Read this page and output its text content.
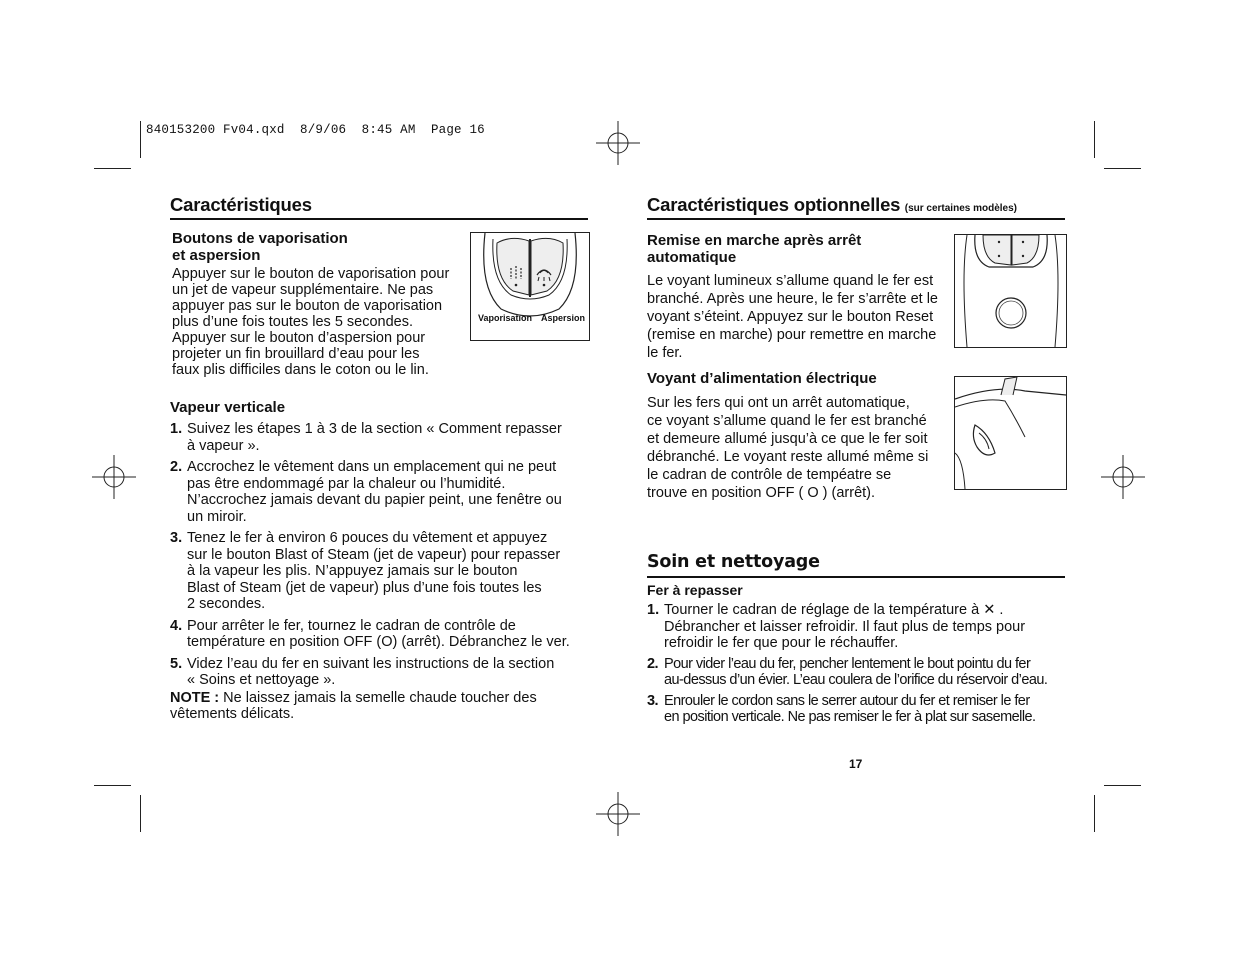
840153200 Fv04.qxd  8/9/06  8:45 AM  Page 16
Caractéristiques
Boutons de vaporisation
et aspersion
Appuyer sur le bouton de vaporisation pour
un jet de vapeur supplémentaire. Ne pas
appuyer pas sur le bouton de vaporisation
plus d’une fois toutes les 5 secondes.
Appuyer sur le bouton d’aspersion pour
projeter un fin brouillard d’eau pour les
faux plis difficiles dans le coton ou le lin.
Vaporisation Aspersion
Vapeur verticale
1. Suivez les étapes 1 à 3 de la section « Comment repasser
à vapeur ».
2. Accrochez le vêtement dans un emplacement qui ne peut
pas être endommagé par la chaleur ou l’humidité.
N’accrochez jamais devant du papier peint, une fenêtre ou
un miroir.
3. Tenez le fer à environ 6 pouces du vêtement et appuyez
sur le bouton Blast of Steam (jet de vapeur) pour repasser
à la vapeur les plis. N’appuyez jamais sur le bouton
Blast of Steam (jet de vapeur) plus d’une fois toutes les
2 secondes.
4. Pour arrêter le fer, tournez le cadran de contrôle de
température en position OFF (O) (arrêt). Débranchez le ver.
5. Videz l’eau du fer en suivant les instructions de la section
« Soins et nettoyage ».
NOTE : Ne laissez jamais la semelle chaude toucher des
vêtements délicats.
Caractéristiques optionnelles (sur certaines modèles)
Remise en marche après arrêt
automatique
Le voyant lumineux s’allume quand le fer est
branché. Après une heure, le fer s’arrête et le
voyant s’éteint. Appuyez sur le bouton Reset
(remise en marche) pour remettre en marche
le fer.
Voyant d’alimentation électrique
Sur les fers qui ont un arrêt automatique,
ce voyant s’allume quand le fer est branché
et demeure allumé jusqu’à ce que le fer soit
débranché. Le voyant reste allumé même si
le cadran de contrôle de tempéatre se
trouve en position OFF ( O ) (arrêt).
Soin et nettoyage
Fer à repasser
1. Tourner le cadran de réglage de la température à ✕ .
Débrancher et laisser refroidir. Il faut plus de temps pour
refroidir le fer que pour le réchauffer.
2. Pour vider l’eau du fer, pencher lentement le bout pointu du fer
au-dessus d’un évier. L’eau coulera de l’orifice du réservoir d’eau.
3. Enrouler le cordon sans le serrer autour du fer et remiser le fer
en position verticale. Ne pas remiser le fer à plat sur sasemelle.
17
